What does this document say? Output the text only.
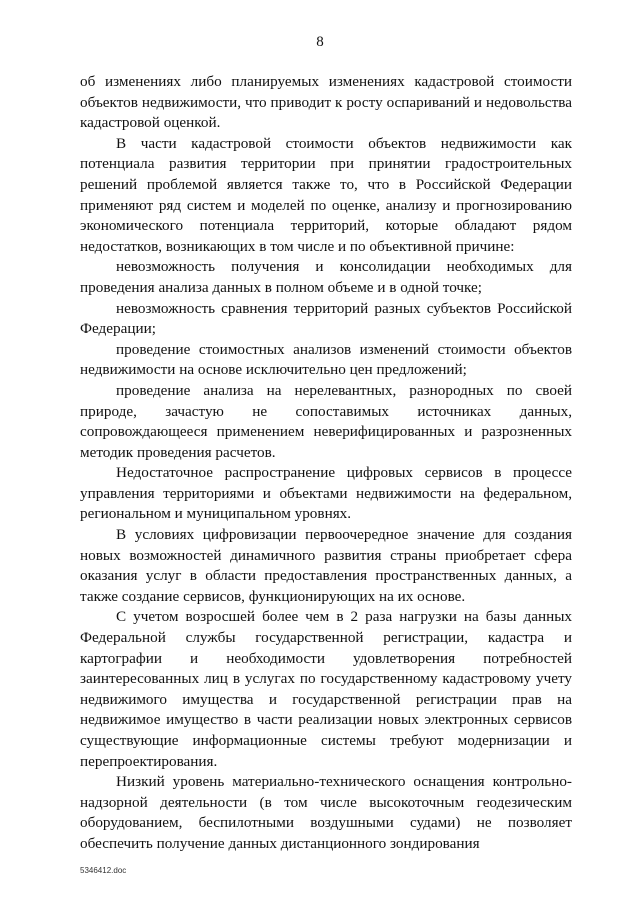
8

об изменениях либо планируемых изменениях кадастровой стоимости объектов недвижимости, что приводит к росту оспариваний и недовольства кадастровой оценкой.

В части кадастровой стоимости объектов недвижимости как потенциала развития территории при принятии градостроительных решений проблемой является также то, что в Российской Федерации применяют ряд систем и моделей по оценке, анализу и прогнозированию экономического потенциала территорий, которые обладают рядом недостатков, возникающих в том числе и по объективной причине:

невозможность получения и консолидации необходимых для проведения анализа данных в полном объеме и в одной точке;

невозможность сравнения территорий разных субъектов Российской Федерации;

проведение стоимостных анализов изменений стоимости объектов недвижимости на основе исключительно цен предложений;

проведение анализа на нерелевантных, разнородных по своей природе, зачастую не сопоставимых источниках данных, сопровождающееся применением неверифицированных и разрозненных методик проведения расчетов.

Недостаточное распространение цифровых сервисов в процессе управления территориями и объектами недвижимости на федеральном, региональном и муниципальном уровнях.

В условиях цифровизации первоочередное значение для создания новых возможностей динамичного развития страны приобретает сфера оказания услуг в области предоставления пространственных данных, а также создание сервисов, функционирующих на их основе.

С учетом возросшей более чем в 2 раза нагрузки на базы данных Федеральной службы государственной регистрации, кадастра и картографии и необходимости удовлетворения потребностей заинтересованных лиц в услугах по государственному кадастровому учету недвижимого имущества и государственной регистрации прав на недвижимое имущество в части реализации новых электронных сервисов существующие информационные системы требуют модернизации и перепроектирования.

Низкий уровень материально-технического оснащения контрольно-надзорной деятельности (в том числе высокоточным геодезическим оборудованием, беспилотными воздушными судами) не позволяет обеспечить получение данных дистанционного зондирования

5346412.doc
